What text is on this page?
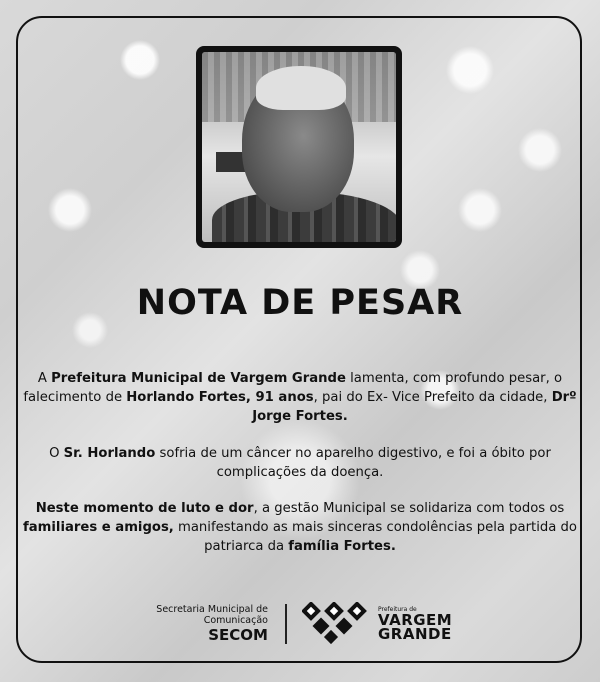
NOTA DE PESAR

A Prefeitura Municipal de Vargem Grande lamenta, com profundo pesar, o falecimento de Horlando Fortes, 91 anos, pai do Ex- Vice Prefeito da cidade, Drº Jorge Fortes.

O Sr. Horlando sofria de um câncer no aparelho digestivo, e foi a óbito por complicações da doença.

Neste momento de luto e dor, a gestão Municipal se solidariza com todos os familiares e amigos, manifestando as mais sinceras condolências pela partida do patriarca da família Fortes.

Secretaria Municipal de
Comunicação
SECOM
Prefeitura de
VARGEM
GRANDE
